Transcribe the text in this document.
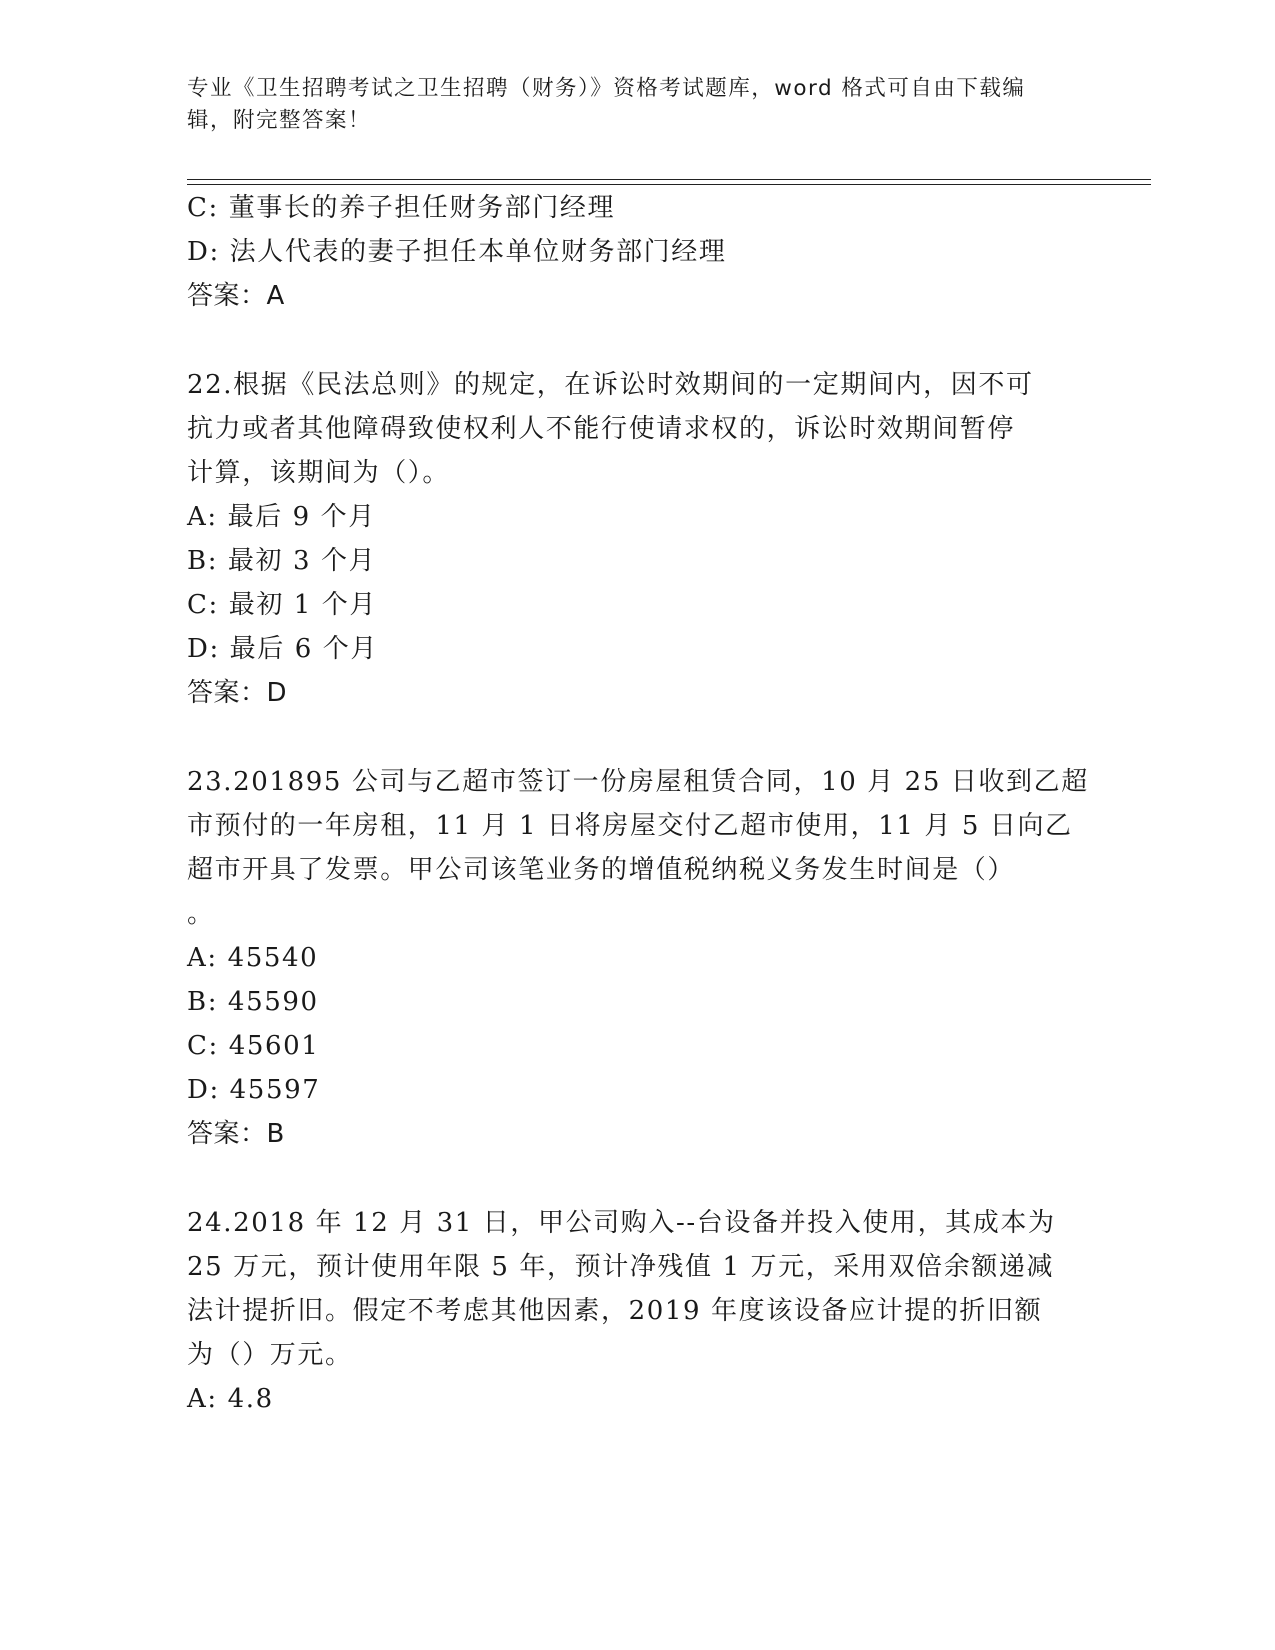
专业《卫生招聘考试之卫生招聘（财务）》资格考试题库，word 格式可自由下载编辑，附完整答案！
C: 董事长的养子担任财务部门经理
D: 法人代表的妻子担任本单位财务部门经理
答案：A
22.根据《民法总则》的规定，在诉讼时效期间的一定期间内，因不可
抗力或者其他障碍致使权利人不能行使请求权的，诉讼时效期间暂停
计算，该期间为（）。
A: 最后 9 个月
B: 最初 3 个月
C: 最初 1 个月
D: 最后 6 个月
答案：D
23.201895 公司与乙超市签订一份房屋租赁合同，10 月 25 日收到乙超
市预付的一年房租，11 月 1 日将房屋交付乙超市使用，11 月 5 日向乙
超市开具了发票。甲公司该笔业务的增值税纳税义务发生时间是（）
。
A: 45540
B: 45590
C: 45601
D: 45597
答案：B
24.2018 年 12 月 31 日，甲公司购入--台设备并投入使用，其成本为
25 万元，预计使用年限 5 年，预计净残值 1 万元，采用双倍余额递减
法计提折旧。假定不考虑其他因素，2019 年度该设备应计提的折旧额
为（）万元。
A: 4.8
